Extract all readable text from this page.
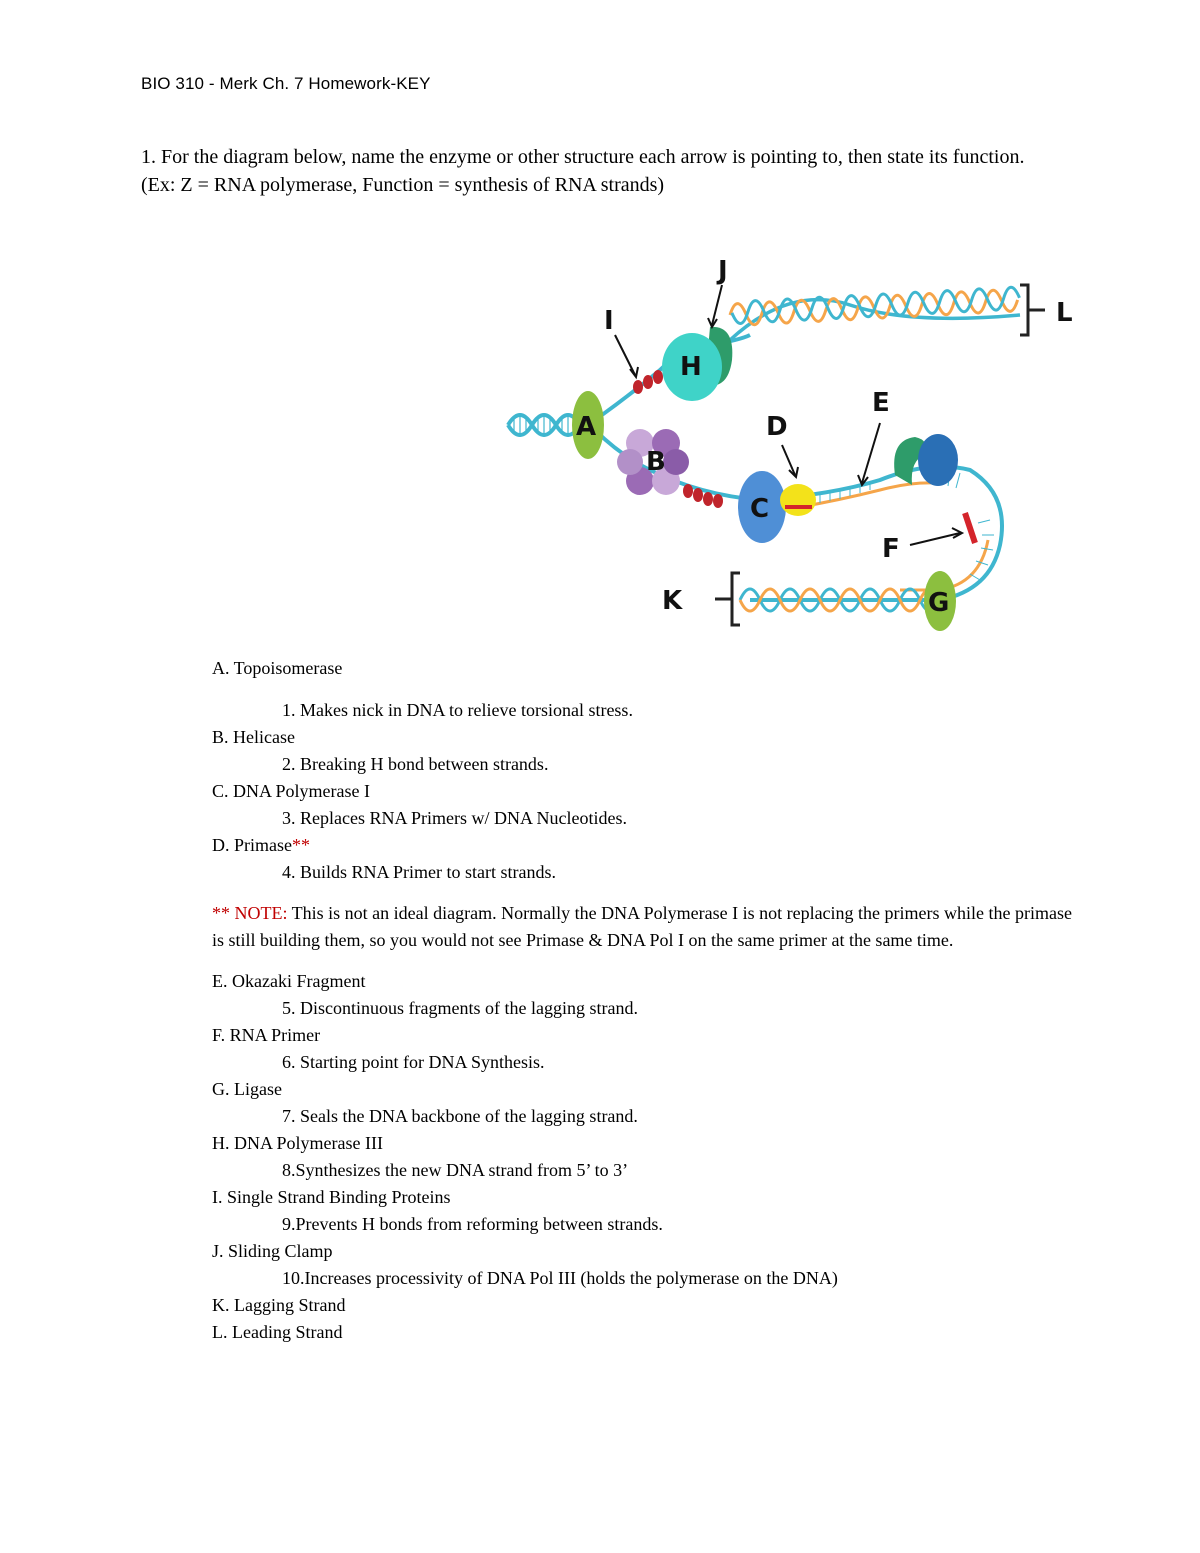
BIO 310 - Merk Ch. 7 Homework-KEY
1. For the diagram below, name the enzyme or other structure each arrow is pointing to, then state its function. (Ex: Z = RNA polymerase, Function = synthesis of RNA strands)
A
B
C
D
E
F
G
H
I
J
K
L
A. Topoisomerase
1. Makes nick in DNA to relieve torsional stress.
B. Helicase
2. Breaking H bond between strands.
C. DNA Polymerase I
3. Replaces RNA Primers w/ DNA Nucleotides.
D. Primase**
4. Builds RNA Primer to start strands.

** NOTE: This is not an ideal diagram. Normally the DNA Polymerase I is not replacing the primers while the primase is still building them, so you would not see Primase & DNA Pol I on the same primer at the same time.

E. Okazaki Fragment
5. Discontinuous fragments of the lagging strand.
F. RNA Primer
6. Starting point for DNA Synthesis.
G. Ligase
7. Seals the DNA backbone of the lagging strand.
H. DNA Polymerase III
8.Synthesizes the new DNA strand from 5’ to 3’
I. Single Strand Binding Proteins
9.Prevents H bonds from reforming between strands.
J. Sliding Clamp
10.Increases processivity of DNA Pol III (holds the polymerase on the DNA)
K. Lagging Strand
L. Leading Strand
